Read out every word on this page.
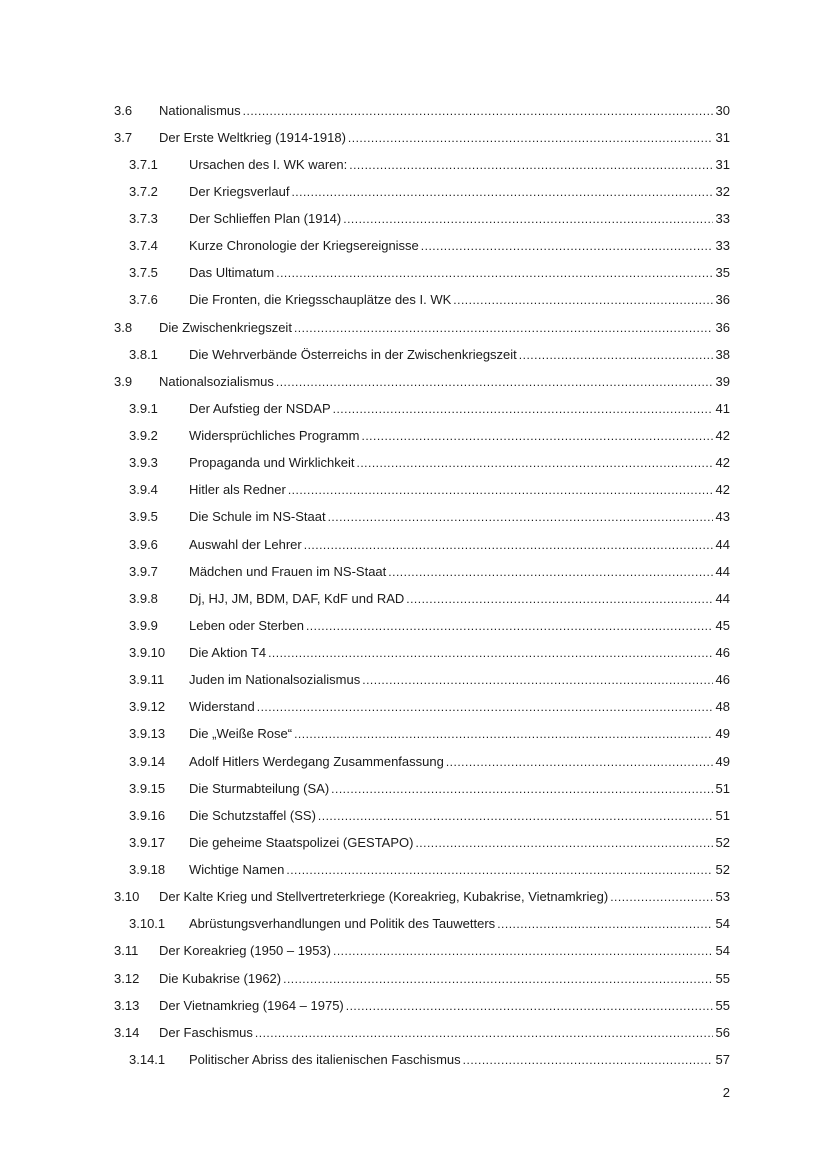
3.6	Nationalismus .....	30
3.7	Der Erste Weltkrieg (1914-1918) .....	31
3.7.1	Ursachen des I. WK waren: .....	31
3.7.2	Der Kriegsverlauf .....	32
3.7.3	Der Schlieffen Plan (1914) .....	33
3.7.4	Kurze Chronologie der Kriegsereignisse .....	33
3.7.5	Das Ultimatum .....	35
3.7.6	Die Fronten, die Kriegsschauplätze des I. WK .....	36
3.8	Die Zwischenkriegszeit .....	36
3.8.1	Die Wehrverbände Österreichs in der Zwischenkriegszeit .....	38
3.9	Nationalsozialismus .....	39
3.9.1	Der Aufstieg der NSDAP .....	41
3.9.2	Widersprüchliches Programm .....	42
3.9.3	Propaganda und Wirklichkeit .....	42
3.9.4	Hitler als Redner .....	42
3.9.5	Die Schule im NS-Staat .....	43
3.9.6	Auswahl der Lehrer .....	44
3.9.7	Mädchen und Frauen im NS-Staat .....	44
3.9.8	Dj, HJ, JM, BDM, DAF, KdF und RAD .....	44
3.9.9	Leben oder Sterben .....	45
3.9.10	Die Aktion T4 .....	46
3.9.11	Juden im Nationalsozialismus .....	46
3.9.12	Widerstand .....	48
3.9.13	Die „Weiße Rose“ .....	49
3.9.14	Adolf Hitlers Werdegang Zusammenfassung .....	49
3.9.15	Die Sturmabteilung (SA) .....	51
3.9.16	Die Schutzstaffel (SS) .....	51
3.9.17	Die geheime Staatspolizei (GESTAPO) .....	52
3.9.18	Wichtige Namen .....	52
3.10	Der Kalte Krieg und Stellvertreterkriege (Koreakrieg, Kubakrise, Vietnamkrieg) .....	53
3.10.1	Abrüstungsverhandlungen und Politik des Tauwetters .....	54
3.11	Der Koreakrieg (1950 – 1953) .....	54
3.12	Die Kubakrise (1962) .....	55
3.13	Der Vietnamkrieg (1964 – 1975) .....	55
3.14	Der Faschismus .....	56
3.14.1	Politischer Abriss des italienischen Faschismus .....	57
2
